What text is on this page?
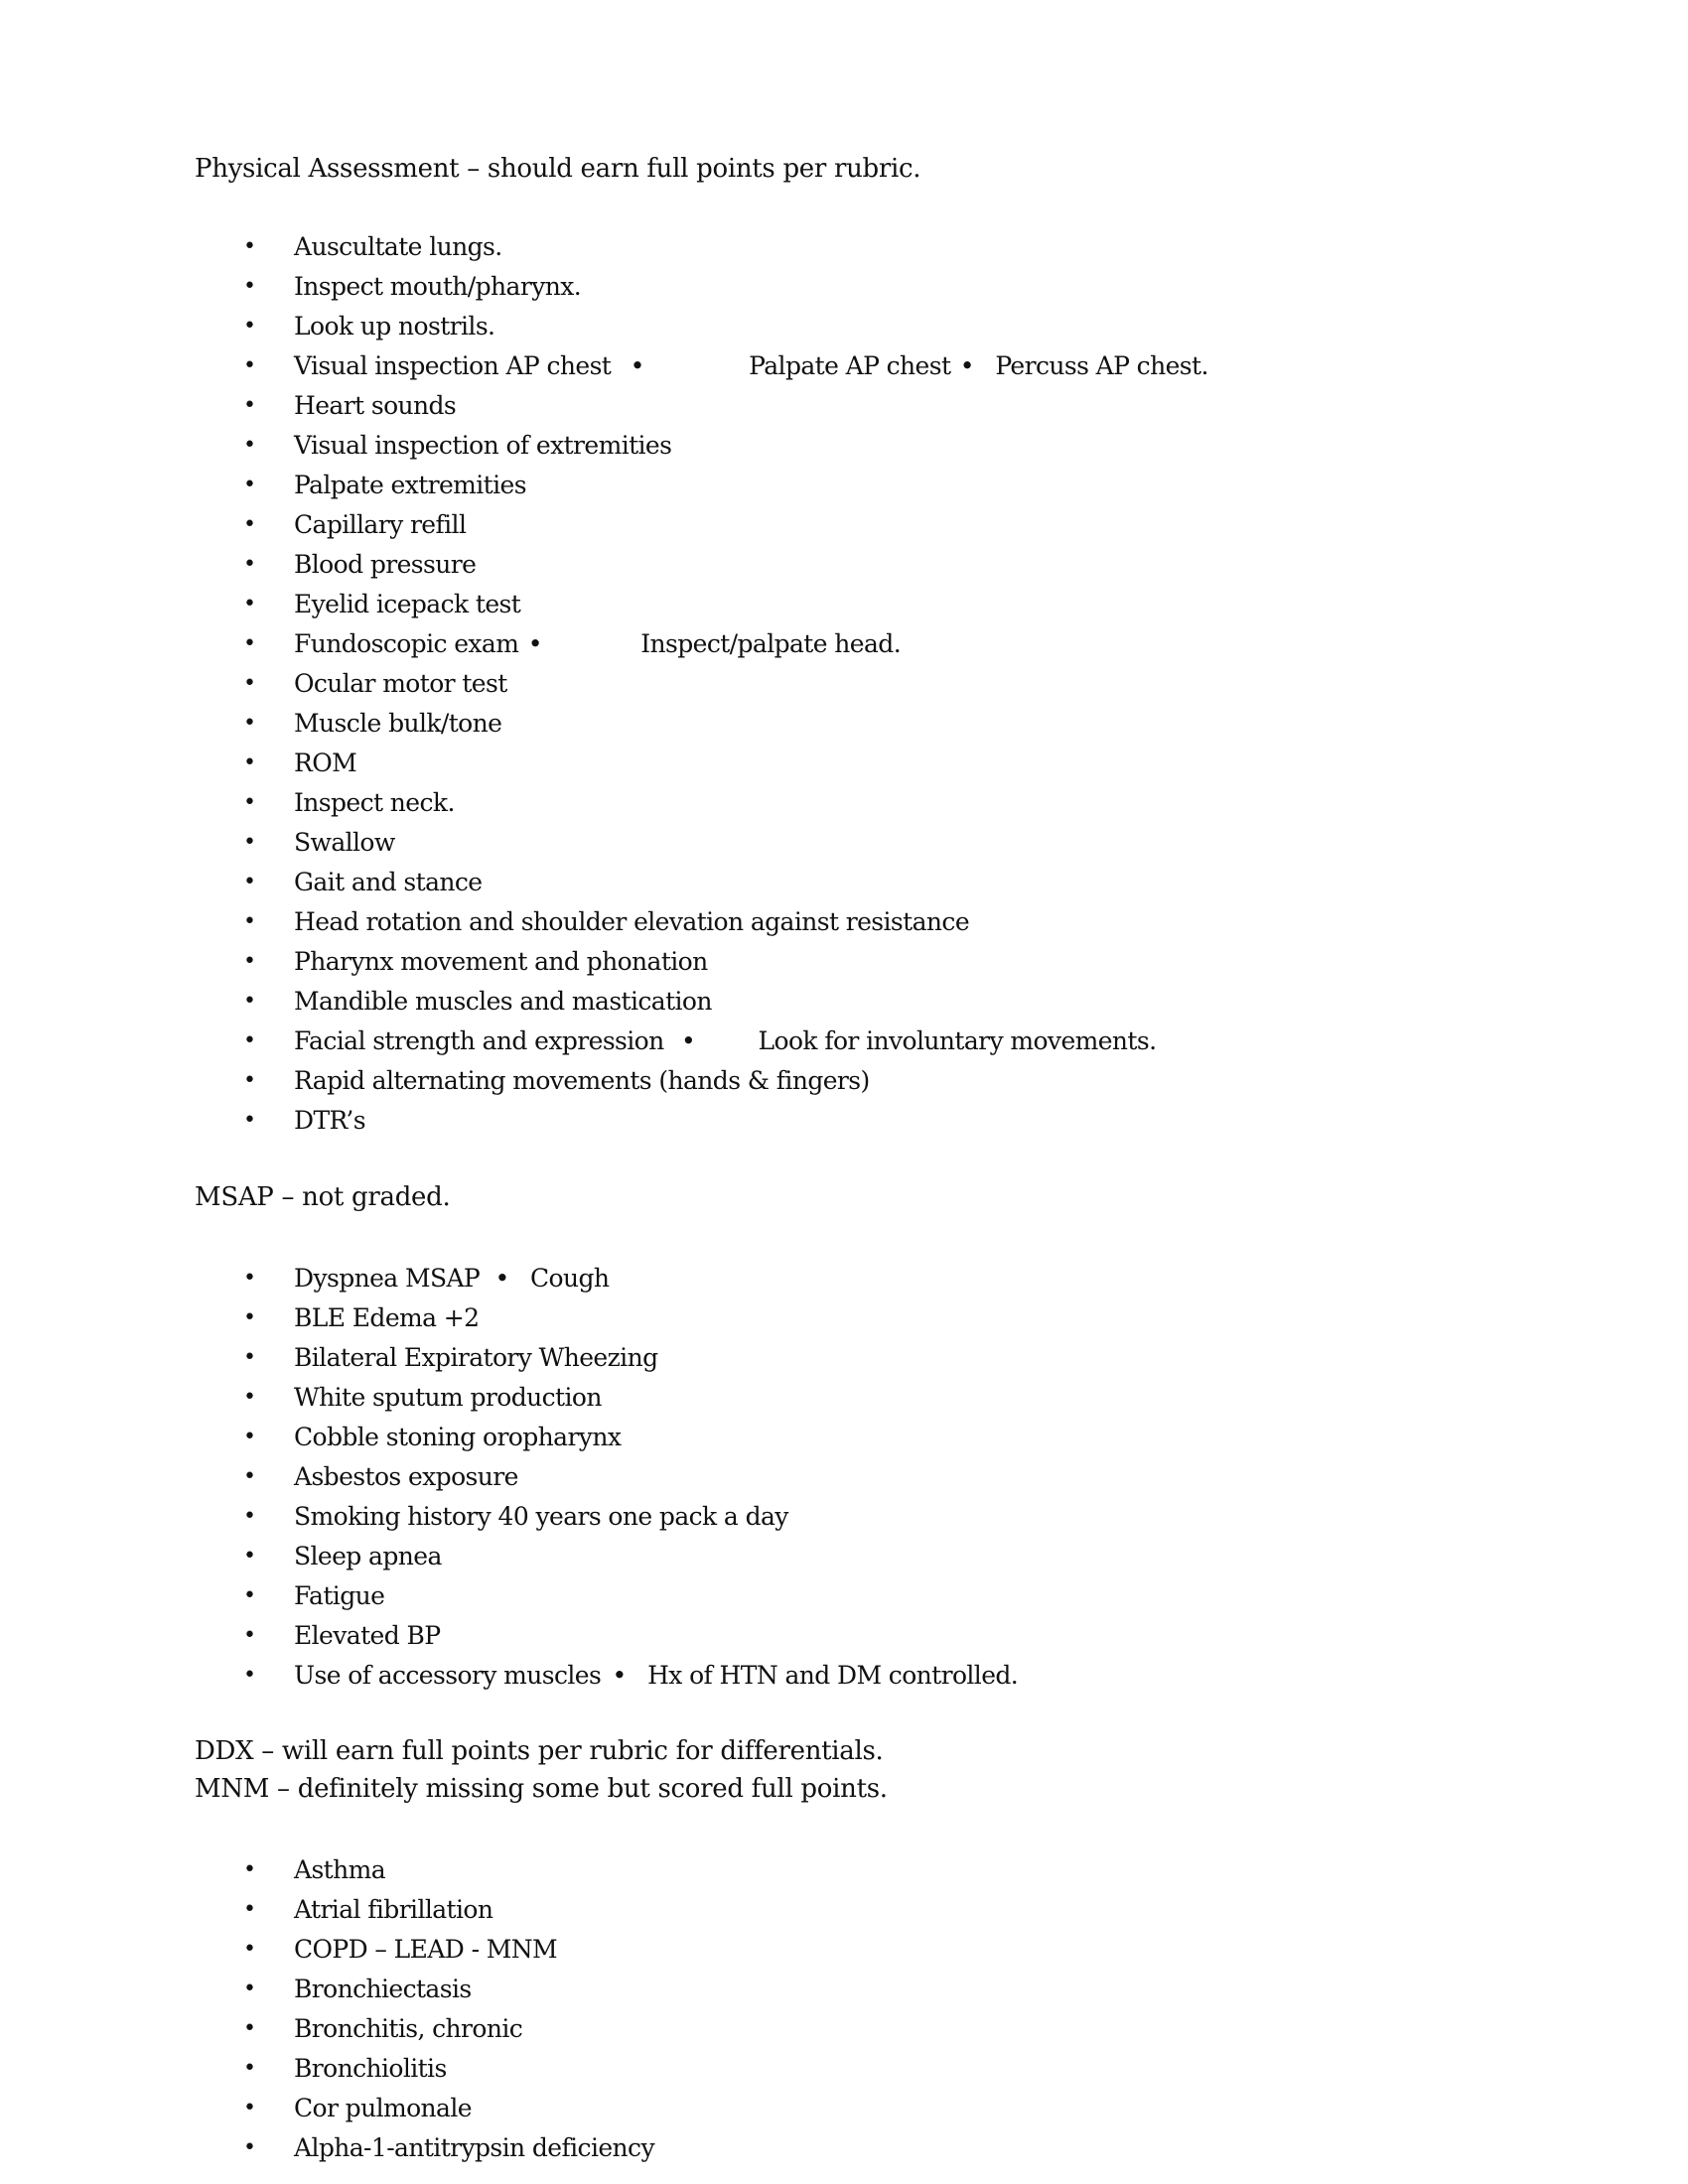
Physical Assessment – should earn full points per rubric.

• Auscultate lungs.
• Inspect mouth/pharynx.
• Look up nostrils.
• Visual inspection AP chest •	Palpate AP chest • Percuss AP chest.
• Heart sounds
• Visual inspection of extremities
• Palpate extremities
• Capillary refill
• Blood pressure
• Eyelid icepack test
• Fundoscopic exam •	Inspect/palpate head.
• Ocular motor test
• Muscle bulk/tone
• ROM
• Inspect neck.
• Swallow
• Gait and stance
• Head rotation and shoulder elevation against resistance
• Pharynx movement and phonation
• Mandible muscles and mastication
• Facial strength and expression •	Look for involuntary movements.
• Rapid alternating movements (hands & fingers)
• DTR’s

MSAP – not graded.

• Dyspnea MSAP • Cough
• BLE Edema +2
• Bilateral Expiratory Wheezing
• White sputum production
• Cobble stoning oropharynx
• Asbestos exposure
• Smoking history 40 years one pack a day
• Sleep apnea
• Fatigue
• Elevated BP
• Use of accessory muscles • Hx of HTN and DM controlled.

DDX – will earn full points per rubric for differentials.

MNM – definitely missing some but scored full points.

• Asthma
• Atrial fibrillation
• COPD – LEAD - MNM
• Bronchiectasis
• Bronchitis, chronic
• Bronchiolitis
• Cor pulmonale
• Alpha-1-antitrypsin deficiency
